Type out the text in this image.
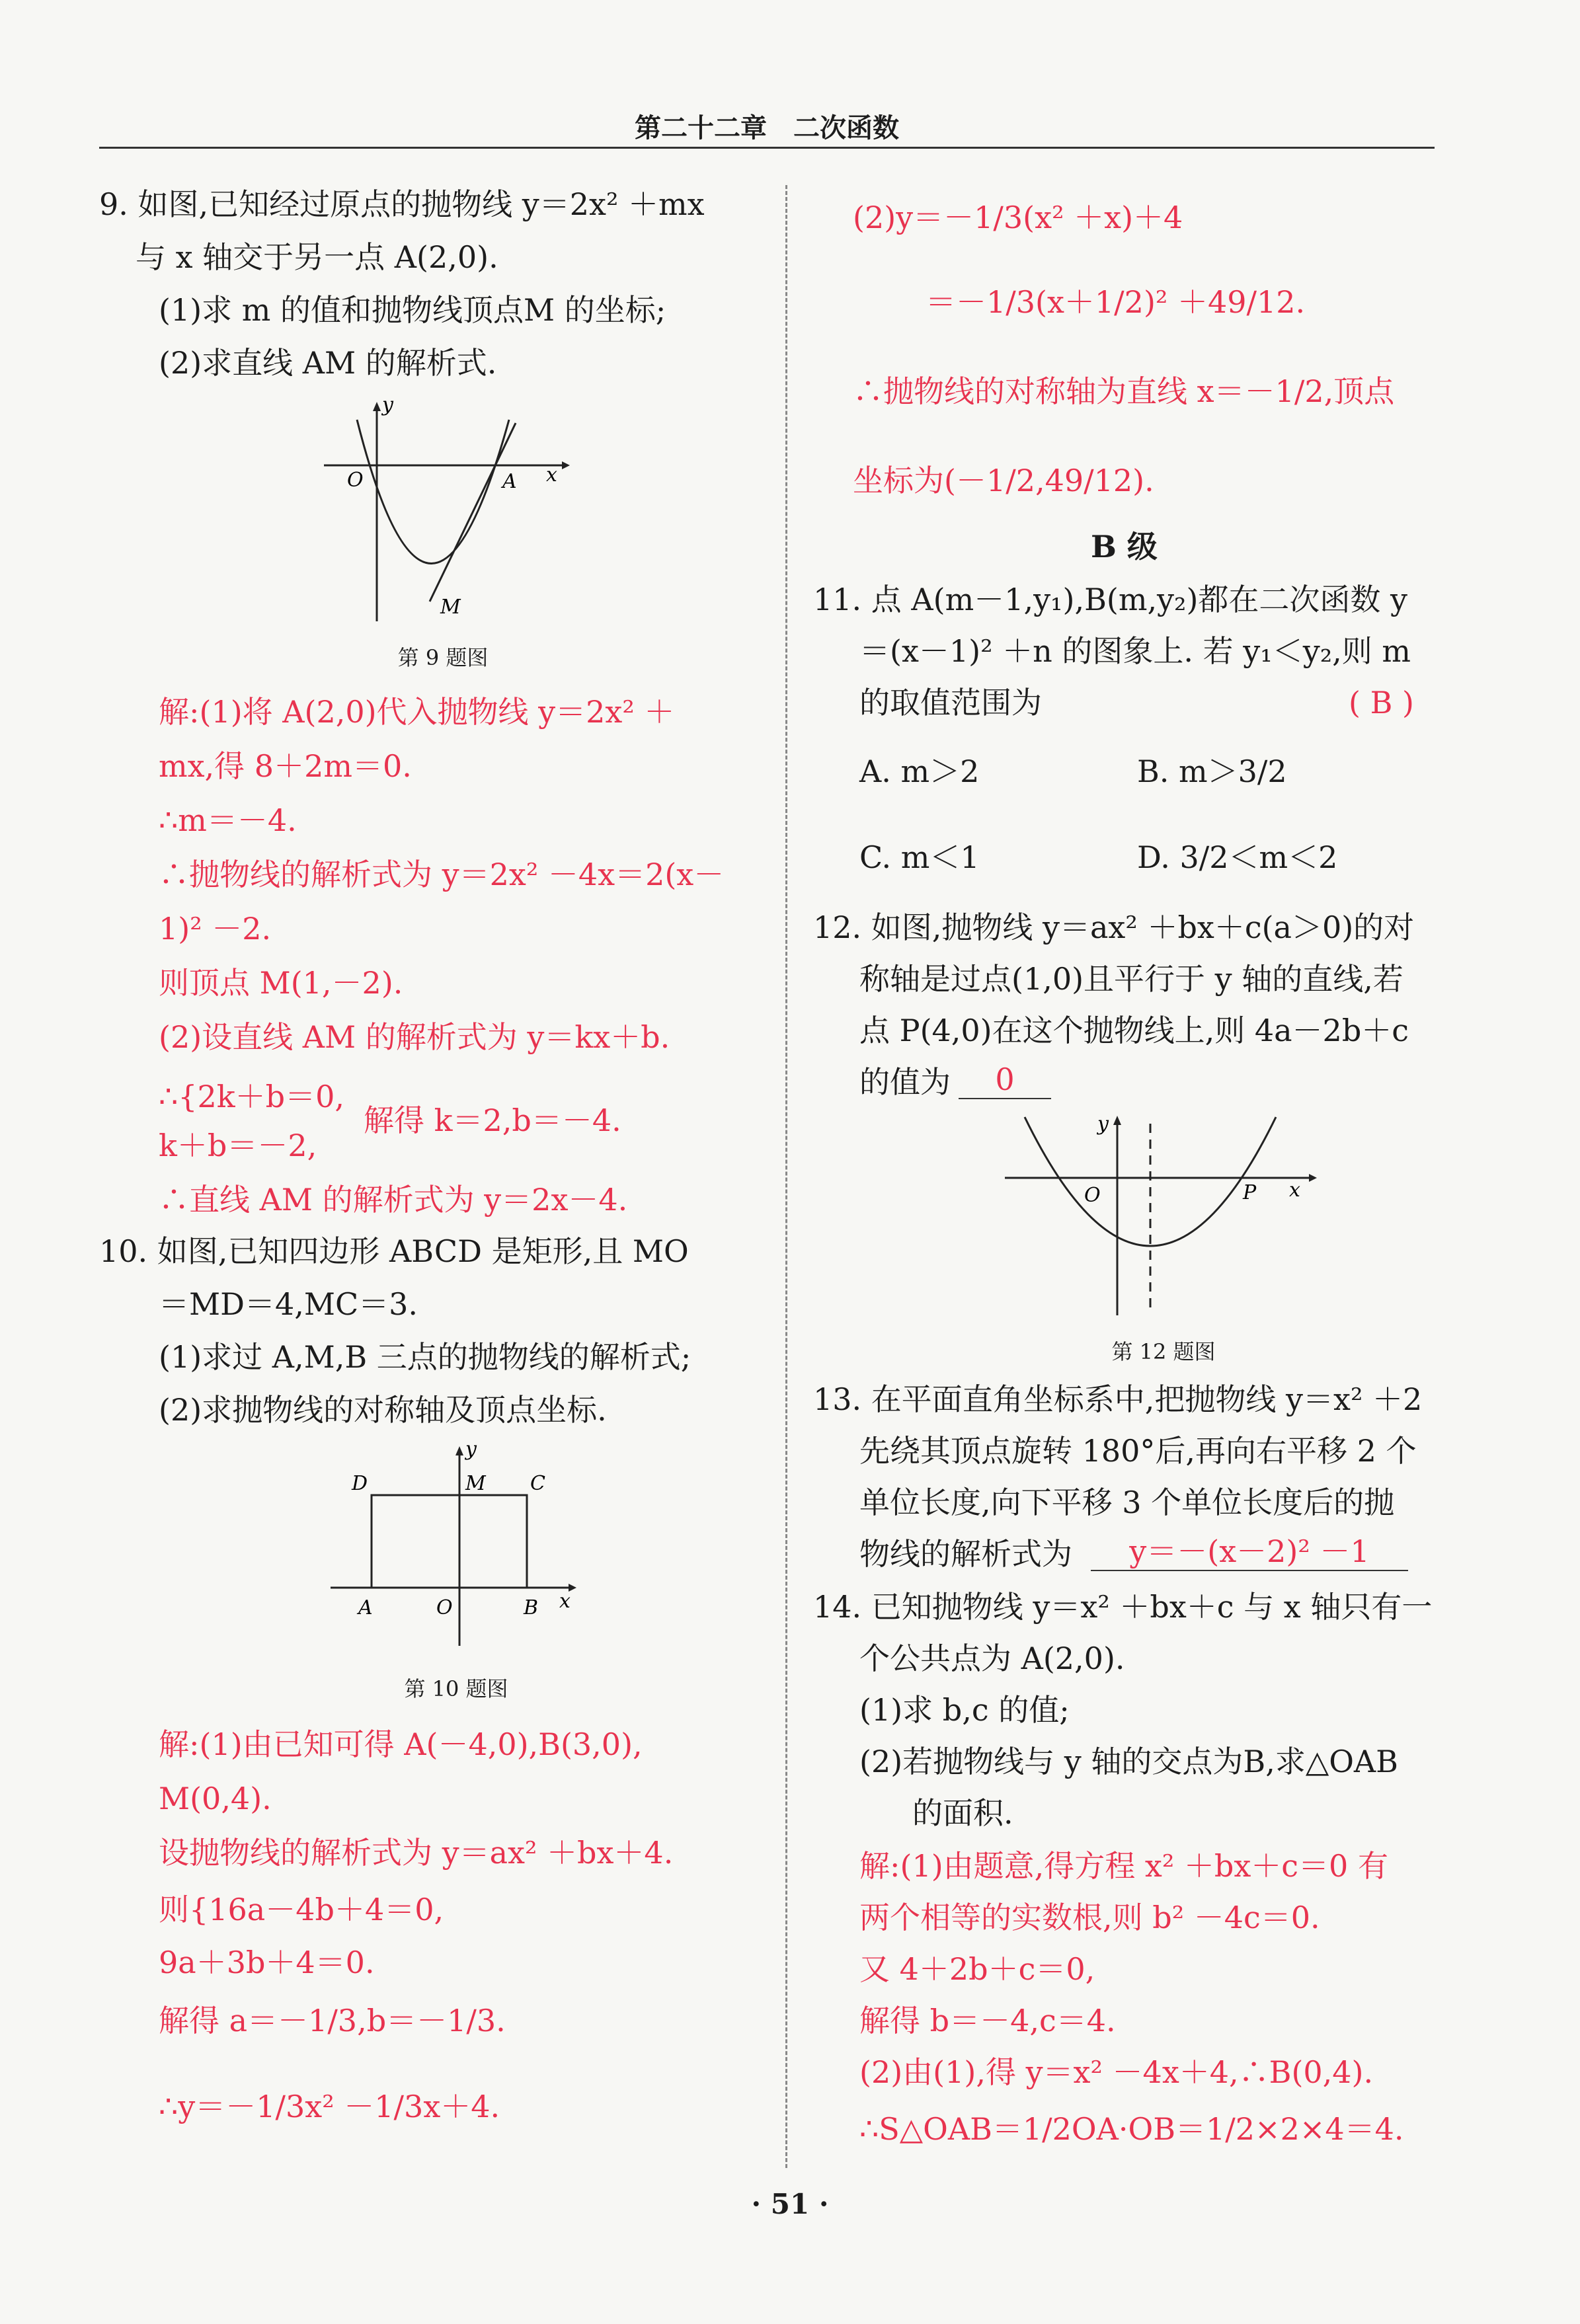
第二十二章　二次函数
9. 如图,已知经过原点的抛物线 y＝2x² ＋mx
与 x 轴交于另一点 A(2,0).
(1)求 m 的值和抛物线顶点M 的坐标;
(2)求直线 AM 的解析式.
y
O	A x
M
第 9 题图
解:(1)将 A(2,0)代入抛物线 y＝2x² ＋
mx,得 8＋2m＝0.
∴m＝－4.
∴抛物线的解析式为 y＝2x² －4x＝2(x－
1)² －2.
则顶点 M(1,－2).
(2)设直线 AM 的解析式为 y＝kx＋b.
∴{2k＋b＝0,
k＋b＝－2,
解得 k＝2,b＝－4.
∴直线 AM 的解析式为 y＝2x－4.
10. 如图,已知四边形 ABCD 是矩形,且 MO
＝MD＝4,MC＝3.
(1)求过 A,M,B 三点的抛物线的解析式;
(2)求抛物线的对称轴及顶点坐标.
y
D	M C
A	O	B x
第 10 题图
解:(1)由已知可得 A(－4,0),B(3,0),
M(0,4).
设抛物线的解析式为 y＝ax² ＋bx＋4.
则{16a－4b＋4＝0,
9a＋3b＋4＝0.
解得 a＝－1/3,b＝－1/3.
∴y＝－1/3x² －1/3x＋4.
(2)y＝－1/3(x² ＋x)＋4
＝－1/3(x＋1/2)² ＋49/12.
∴抛物线的对称轴为直线 x＝－1/2,顶点
坐标为(－1/2,49/12).
B 级
11. 点 A(m－1,y₁),B(m,y₂)都在二次函数 y
＝(x－1)² ＋n 的图象上. 若 y₁＜y₂,则 m
的取值范围为	( B )
A. m＞2	B. m＞3/2
C. m＜1	D. 3/2＜m＜2
12. 如图,抛物线 y＝ax² ＋bx＋c(a＞0)的对
称轴是过点(1,0)且平行于 y 轴的直线,若
点 P(4,0)在这个抛物线上,则 4a－2b＋c
的值为	0
y
O	P x
第 12 题图
13. 在平面直角坐标系中,把抛物线 y＝x² ＋2
先绕其顶点旋转 180°后,再向右平移 2 个
单位长度,向下平移 3 个单位长度后的抛
物线的解析式为	y＝－(x－2)² －1
14. 已知抛物线 y＝x² ＋bx＋c 与 x 轴只有一
个公共点为 A(2,0).
(1)求 b,c 的值;
(2)若抛物线与 y 轴的交点为B,求△OAB
的面积.
解:(1)由题意,得方程 x² ＋bx＋c＝0 有
两个相等的实数根,则 b² －4c＝0.
又 4＋2b＋c＝0,
解得 b＝－4,c＝4.
(2)由(1),得 y＝x² －4x＋4,∴B(0,4).
∴S△OAB＝1/2OA·OB＝1/2×2×4＝4.
· 51 ·
